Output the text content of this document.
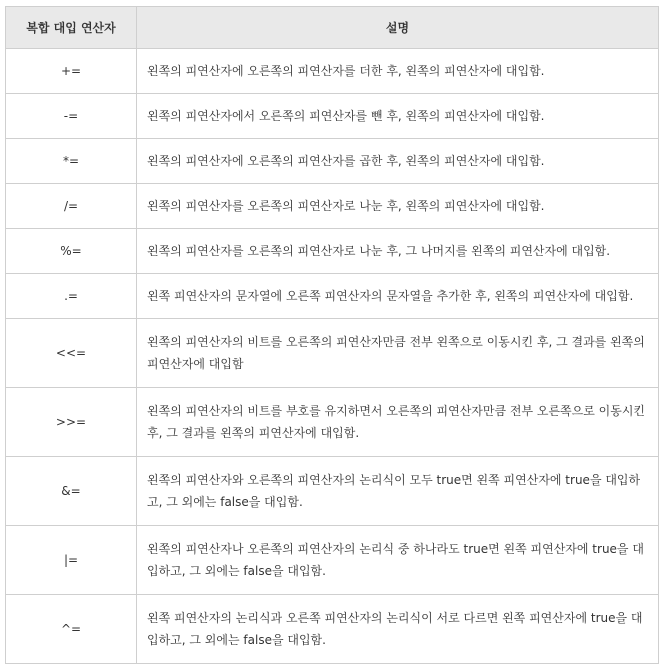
복합 대입 연산자	설명
+=	왼쪽의 피연산자에 오른쪽의 피연산자를 더한 후, 왼쪽의 피연산자에 대입함.
-=	왼쪽의 피연산자에서 오른쪽의 피연산자를 뺀 후, 왼쪽의 피연산자에 대입함.
*=	왼쪽의 피연산자에 오른쪽의 피연산자를 곱한 후, 왼쪽의 피연산자에 대입함.
/=	왼쪽의 피연산자를 오른쪽의 피연산자로 나눈 후, 왼쪽의 피연산자에 대입함.
%=	왼쪽의 피연산자를 오른쪽의 피연산자로 나눈 후, 그 나머지를 왼쪽의 피연산자에 대입함.
.=	왼쪽 피연산자의 문자열에 오른쪽 피연산자의 문자열을 추가한 후, 왼쪽의 피연산자에 대입함.
<<=	왼쪽의 피연산자의 비트를 오른쪽의 피연산자만큼 전부 왼쪽으로 이동시킨 후, 그 결과를 왼쪽의 피연산자에 대입함
>>=	왼쪽의 피연산자의 비트를 부호를 유지하면서 오른쪽의 피연산자만큼 전부 오른쪽으로 이동시킨 후, 그 결과를 왼쪽의 피연산자에 대입함.
&=	왼쪽의 피연산자와 오른쪽의 피연산자의 논리식이 모두 true면 왼쪽 피연산자에 true을 대입하고, 그 외에는 false을 대입함.
|=	왼쪽의 피연산자나 오른쪽의 피연산자의 논리식 중 하나라도 true면 왼쪽 피연산자에 true을 대입하고, 그 외에는 false을 대입함.
^=	왼쪽 피연산자의 논리식과 오른쪽 피연산자의 논리식이 서로 다르면 왼쪽 피연산자에 true을 대입하고, 그 외에는 false을 대입함.
